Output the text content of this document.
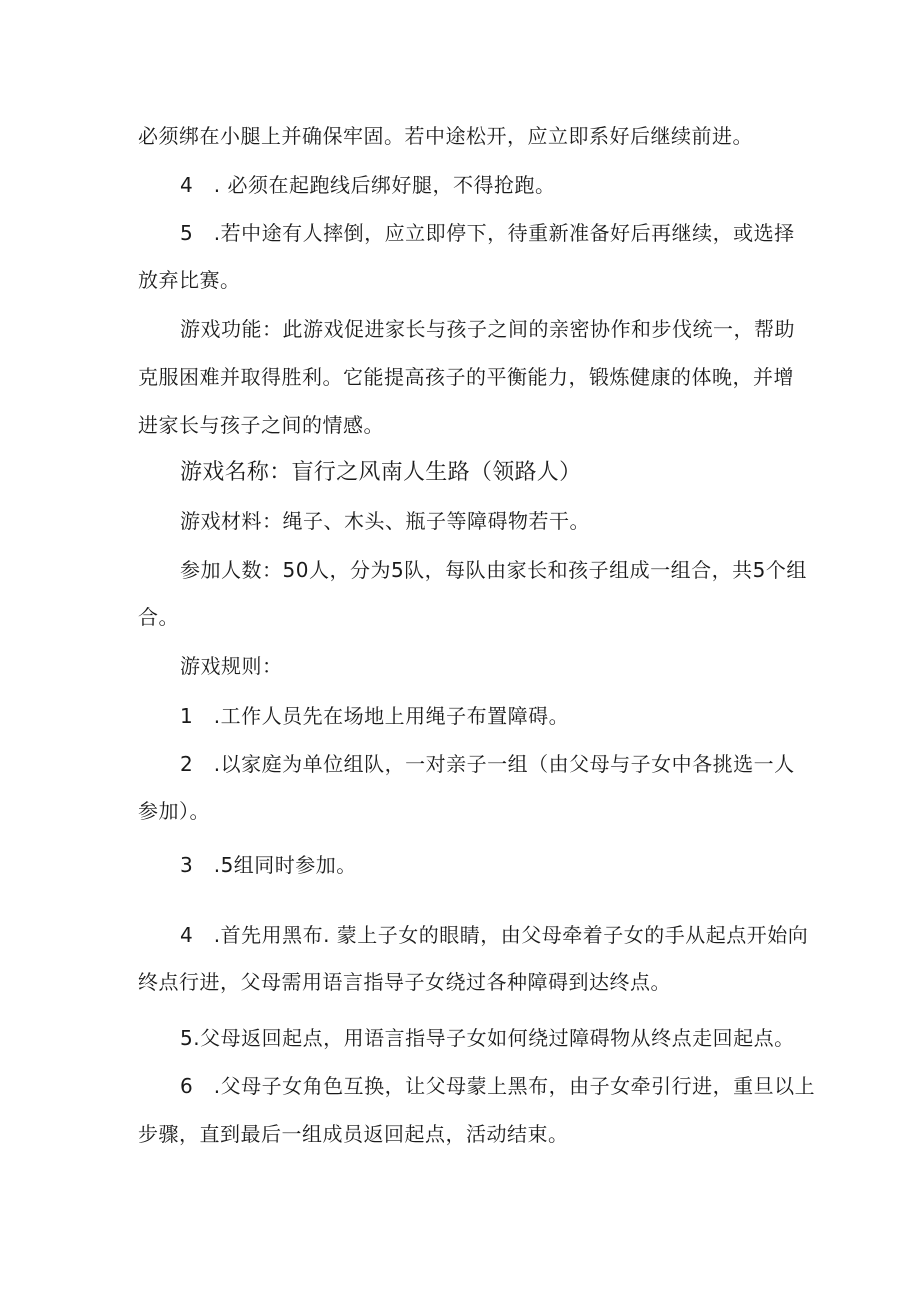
必须绑在小腿上并确保牢固。若中途松开，应立即系好后继续前进。
4 . 必须在起跑线后绑好腿，不得抢跑。
5 .若中途有人摔倒，应立即停下，待重新准备好后再继续，或选择
放弃比赛。
游戏功能：此游戏促进家长与孩子之间的亲密协作和步伐统一，帮助
克服困难并取得胜利。它能提高孩子的平衡能力，锻炼健康的体晚，并增
进家长与孩子之间的情感。
游戏名称：盲行之风南人生路（领路人）
游戏材料：绳子、木头、瓶子等障碍物若干。
参加人数：50人，分为5队，每队由家长和孩子组成一组合，共5个组
合。
游戏规则：
1 .工作人员先在场地上用绳子布置障碍。
2 .以家庭为单位组队，一对亲子一组（由父母与子女中各挑选一人
参加）。
3 .5组同时参加。
4 .首先用黑布. 蒙上子女的眼睛，由父母牵着子女的手从起点开始向
终点行进，父母需用语言指导子女绕过各种障碍到达终点。
5.父母返回起点，用语言指导子女如何绕过障碍物从终点走回起点。
6 .父母子女角色互换，让父母蒙上黑布，由子女牵引行进，重旦以上
步骤，直到最后一组成员返回起点，活动结束。
